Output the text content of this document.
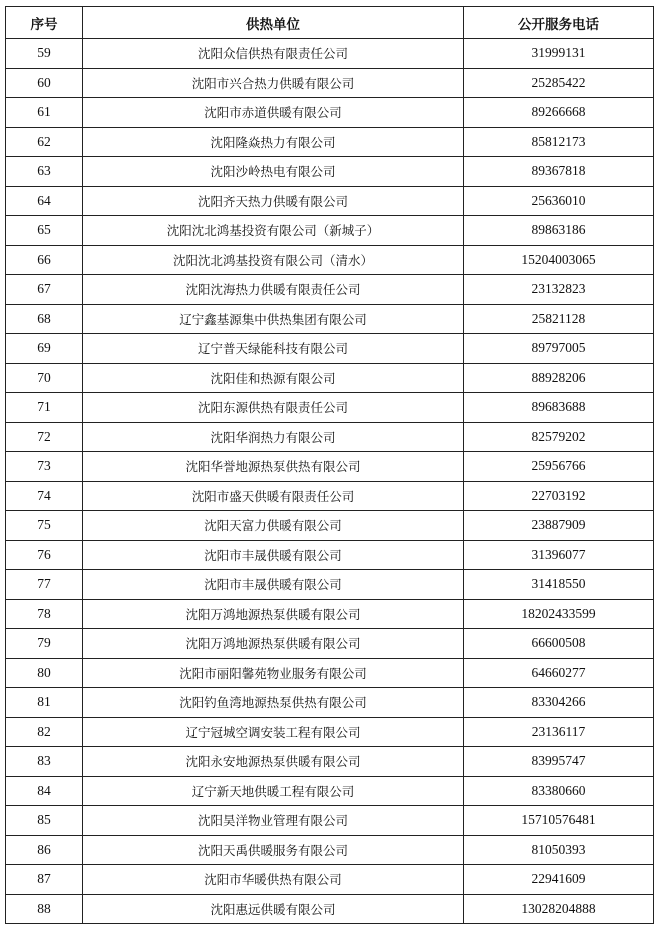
序号	供热单位	公开服务电话
59	沈阳众信供热有限责任公司	31999131
60	沈阳市兴合热力供暖有限公司	25285422
61	沈阳市赤道供暖有限公司	89266668
62	沈阳隆焱热力有限公司	85812173
63	沈阳沙岭热电有限公司	89367818
64	沈阳齐天热力供暖有限公司	25636010
65	沈阳沈北鸿基投资有限公司（新城子）	89863186
66	沈阳沈北鸿基投资有限公司（清水）	15204003065
67	沈阳沈海热力供暖有限责任公司	23132823
68	辽宁鑫基源集中供热集团有限公司	25821128
69	辽宁普天绿能科技有限公司	89797005
70	沈阳佳和热源有限公司	88928206
71	沈阳东源供热有限责任公司	89683688
72	沈阳华润热力有限公司	82579202
73	沈阳华誉地源热泵供热有限公司	25956766
74	沈阳市盛天供暖有限责任公司	22703192
75	沈阳天富力供暖有限公司	23887909
76	沈阳市丰晟供暖有限公司	31396077
77	沈阳市丰晟供暖有限公司	31418550
78	沈阳万鸿地源热泵供暖有限公司	18202433599
79	沈阳万鸿地源热泵供暖有限公司	66600508
80	沈阳市丽阳馨苑物业服务有限公司	64660277
81	沈阳钓鱼湾地源热泵供热有限公司	83304266
82	辽宁冠城空调安装工程有限公司	23136117
83	沈阳永安地源热泵供暖有限公司	83995747
84	辽宁新天地供暖工程有限公司	83380660
85	沈阳昊洋物业管理有限公司	15710576481
86	沈阳天禹供暖服务有限公司	81050393
87	沈阳市华暖供热有限公司	22941609
88	沈阳惠远供暖有限公司	13028204888
